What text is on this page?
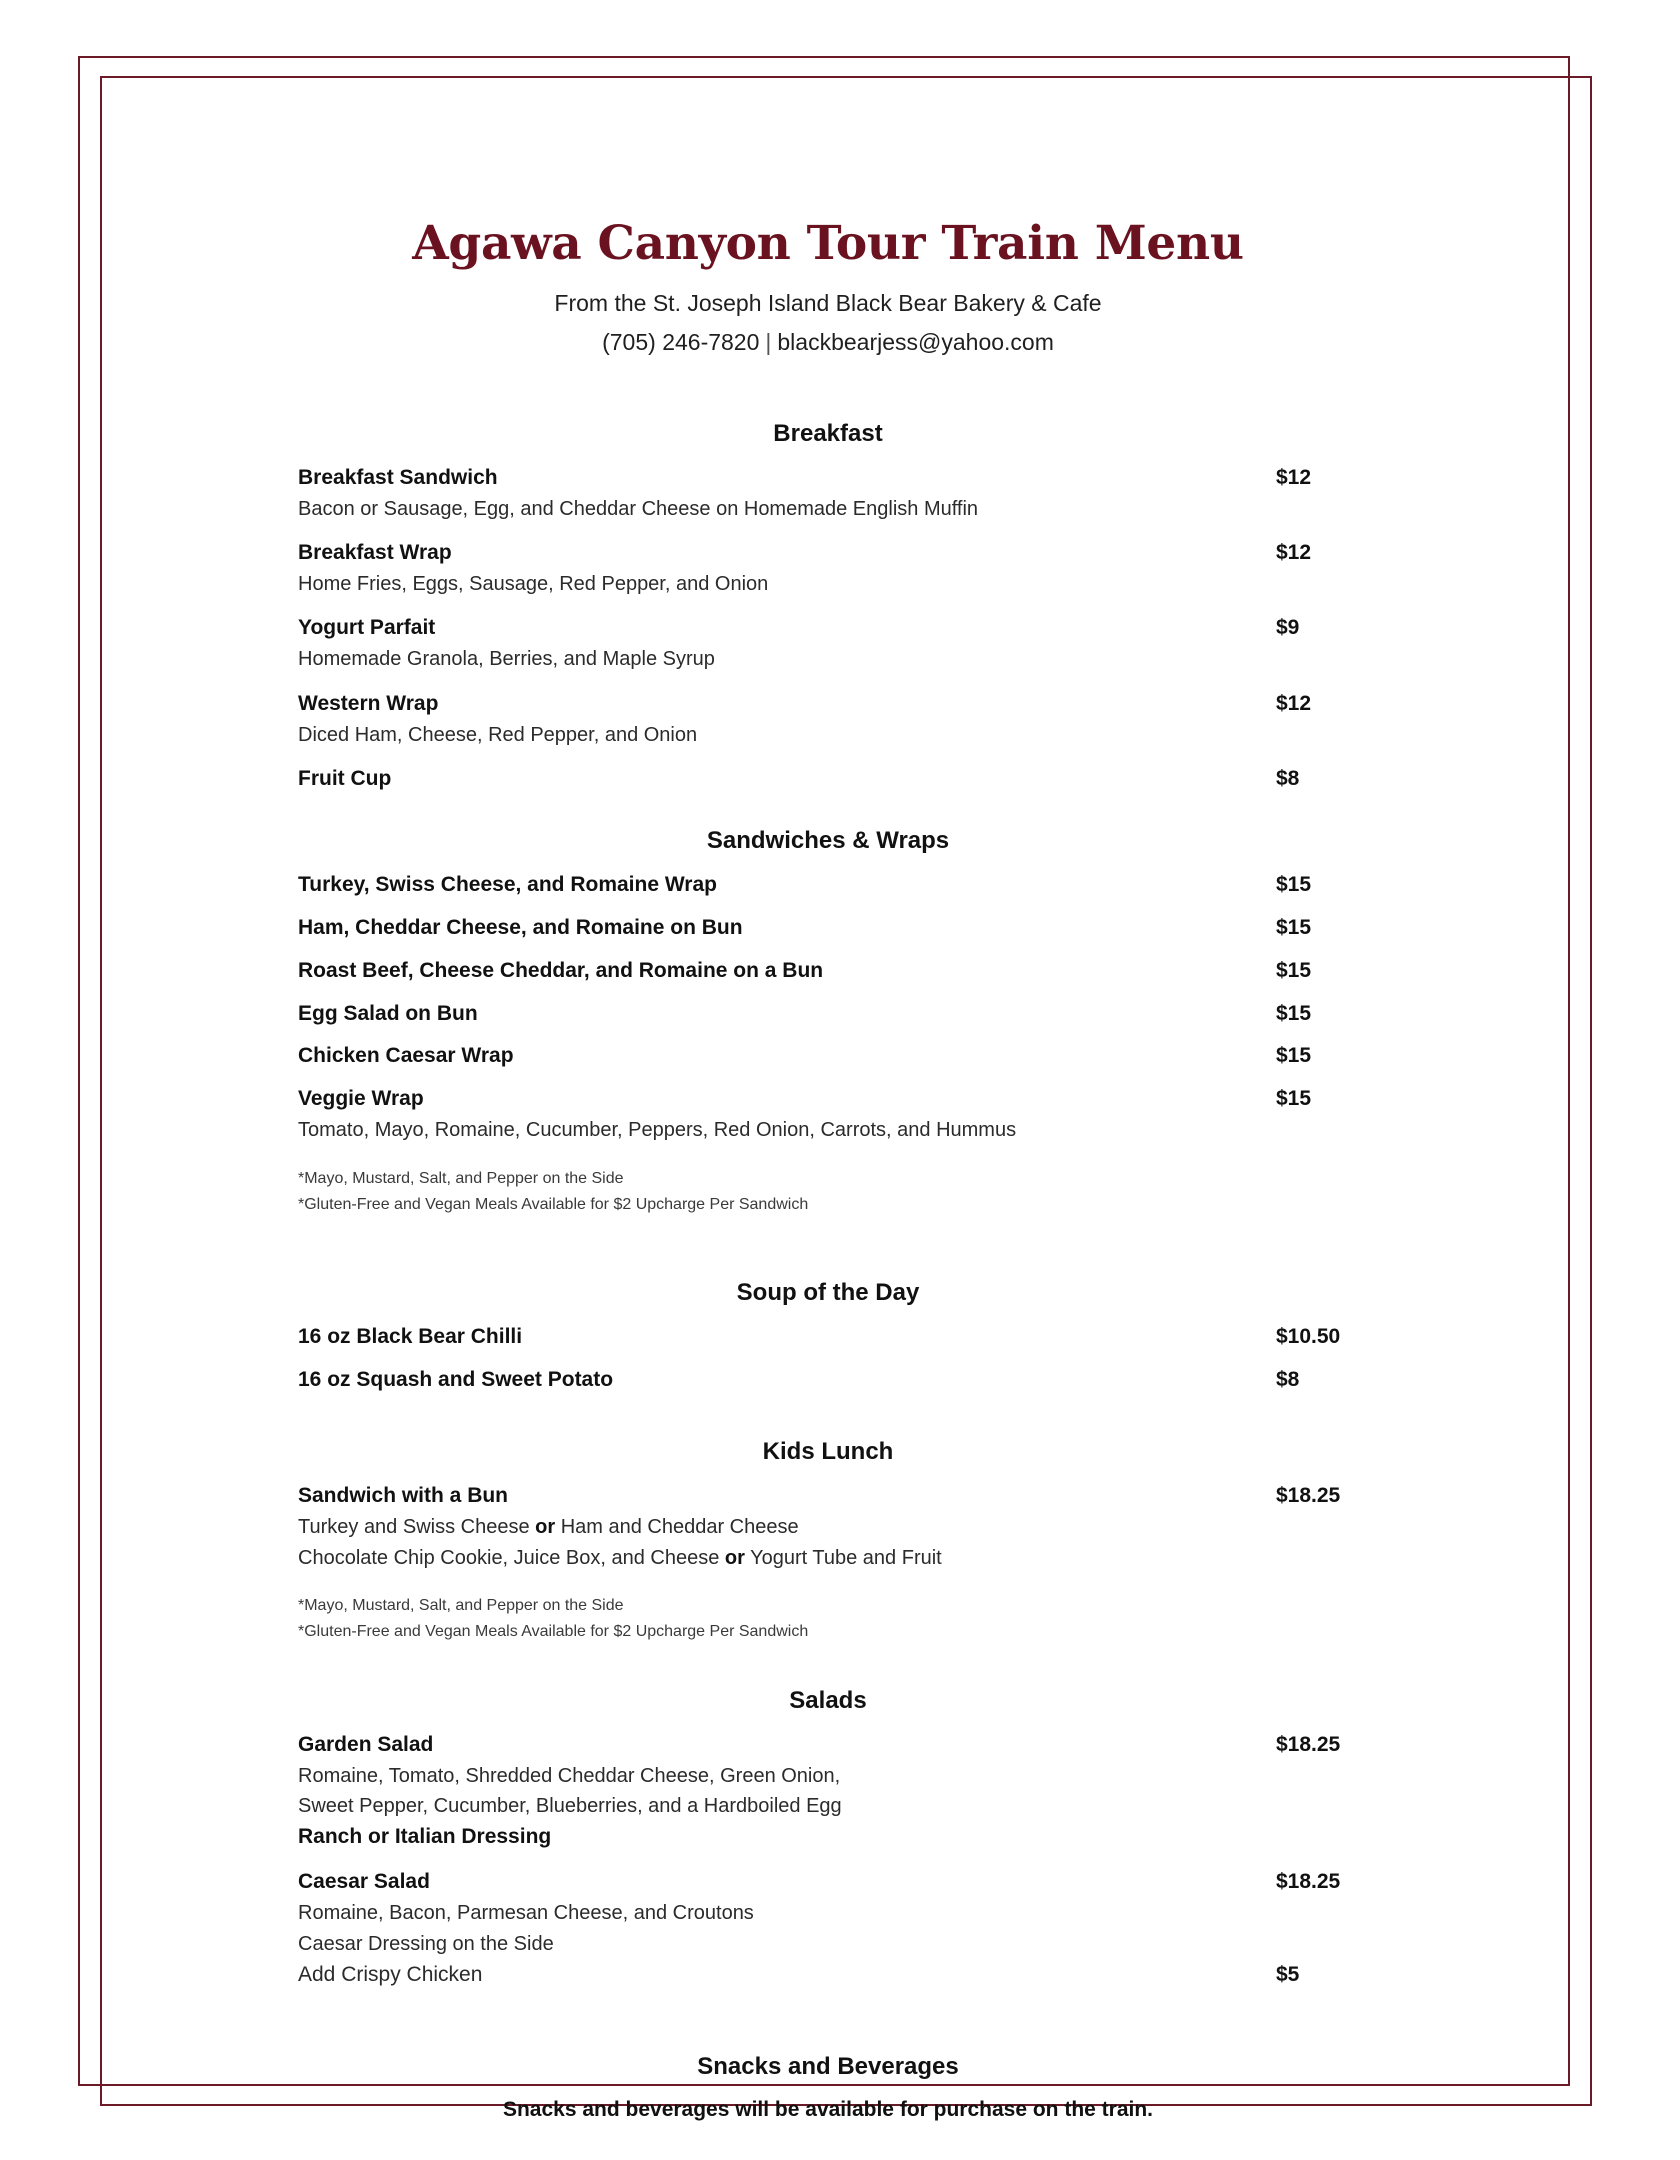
Agawa Canyon Tour Train Menu

From the St. Joseph Island Black Bear Bakery & Cafe

(705) 246-7820 | blackbearjess@yahoo.com

Breakfast
Breakfast Sandwich	$12
Bacon or Sausage, Egg, and Cheddar Cheese on Homemade English Muffin
Breakfast Wrap	$12
Home Fries, Eggs, Sausage, Red Pepper, and Onion
Yogurt Parfait	$9
Homemade Granola, Berries, and Maple Syrup
Western Wrap	$12
Diced Ham, Cheese, Red Pepper, and Onion
Fruit Cup	$8
Sandwiches & Wraps
Turkey, Swiss Cheese, and Romaine Wrap	$15
Ham, Cheddar Cheese, and Romaine on Bun	$15
Roast Beef, Cheese Cheddar, and Romaine on a Bun	$15
Egg Salad on Bun	$15
Chicken Caesar Wrap	$15
Veggie Wrap	$15
Tomato, Mayo, Romaine, Cucumber, Peppers, Red Onion, Carrots, and Hummus
*Mayo, Mustard, Salt, and Pepper on the Side
*Gluten-Free and Vegan Meals Available for $2 Upcharge Per Sandwich
Soup of the Day
16 oz Black Bear Chilli	$10.50
16 oz Squash and Sweet Potato	$8
Kids Lunch
Sandwich with a Bun	$18.25
Turkey and Swiss Cheese or Ham and Cheddar Cheese
Chocolate Chip Cookie, Juice Box, and Cheese or Yogurt Tube and Fruit
*Mayo, Mustard, Salt, and Pepper on the Side
*Gluten-Free and Vegan Meals Available for $2 Upcharge Per Sandwich
Salads
Garden Salad	$18.25
Romaine, Tomato, Shredded Cheddar Cheese, Green Onion,
Sweet Pepper, Cucumber, Blueberries, and a Hardboiled Egg
Ranch or Italian Dressing
Caesar Salad	$18.25
Romaine, Bacon, Parmesan Cheese, and Croutons
Caesar Dressing on the Side
Add Crispy Chicken	$5
Snacks and Beverages
Snacks and beverages will be available for purchase on the train.
